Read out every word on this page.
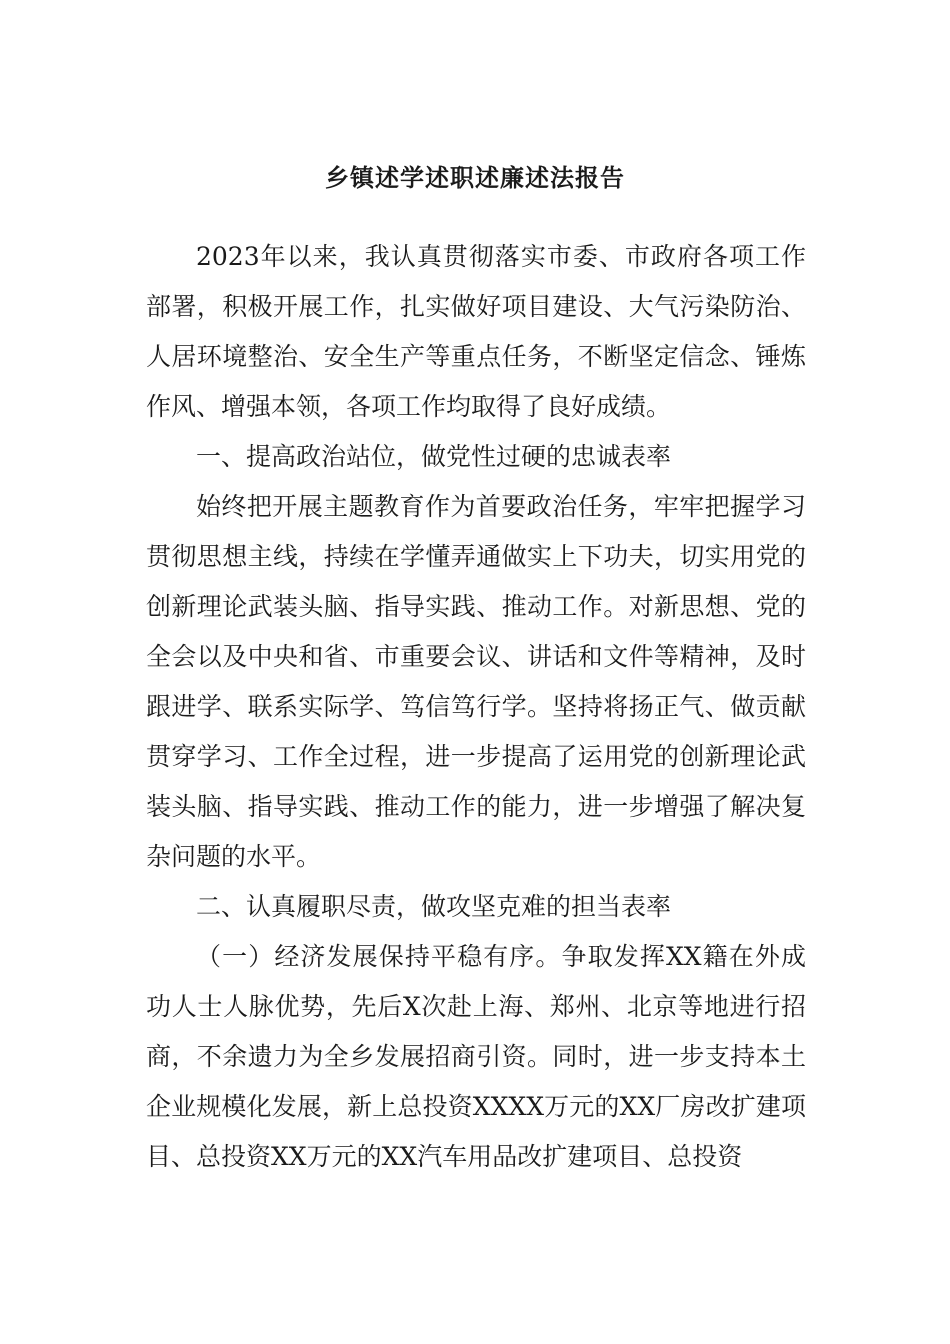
乡镇述学述职述廉述法报告

2023年以来，我认真贯彻落实市委、市政府各项工作部署，积极开展工作，扎实做好项目建设、大气污染防治、人居环境整治、安全生产等重点任务，不断坚定信念、锤炼作风、增强本领，各项工作均取得了良好成绩。

一、提高政治站位，做党性过硬的忠诚表率

始终把开展主题教育作为首要政治任务，牢牢把握学习贯彻思想主线，持续在学懂弄通做实上下功夫，切实用党的创新理论武装头脑、指导实践、推动工作。对新思想、党的全会以及中央和省、市重要会议、讲话和文件等精神，及时跟进学、联系实际学、笃信笃行学。坚持将扬正气、做贡献贯穿学习、工作全过程，进一步提高了运用党的创新理论武装头脑、指导实践、推动工作的能力，进一步增强了解决复杂问题的水平。

二、认真履职尽责，做攻坚克难的担当表率

（一）经济发展保持平稳有序。争取发挥XX籍在外成功人士人脉优势，先后X次赴上海、郑州、北京等地进行招商，不余遗力为全乡发展招商引资。同时，进一步支持本土企业规模化发展，新上总投资XXXX万元的XX厂房改扩建项目、总投资XX万元的XX汽车用品改扩建项目、总投资
